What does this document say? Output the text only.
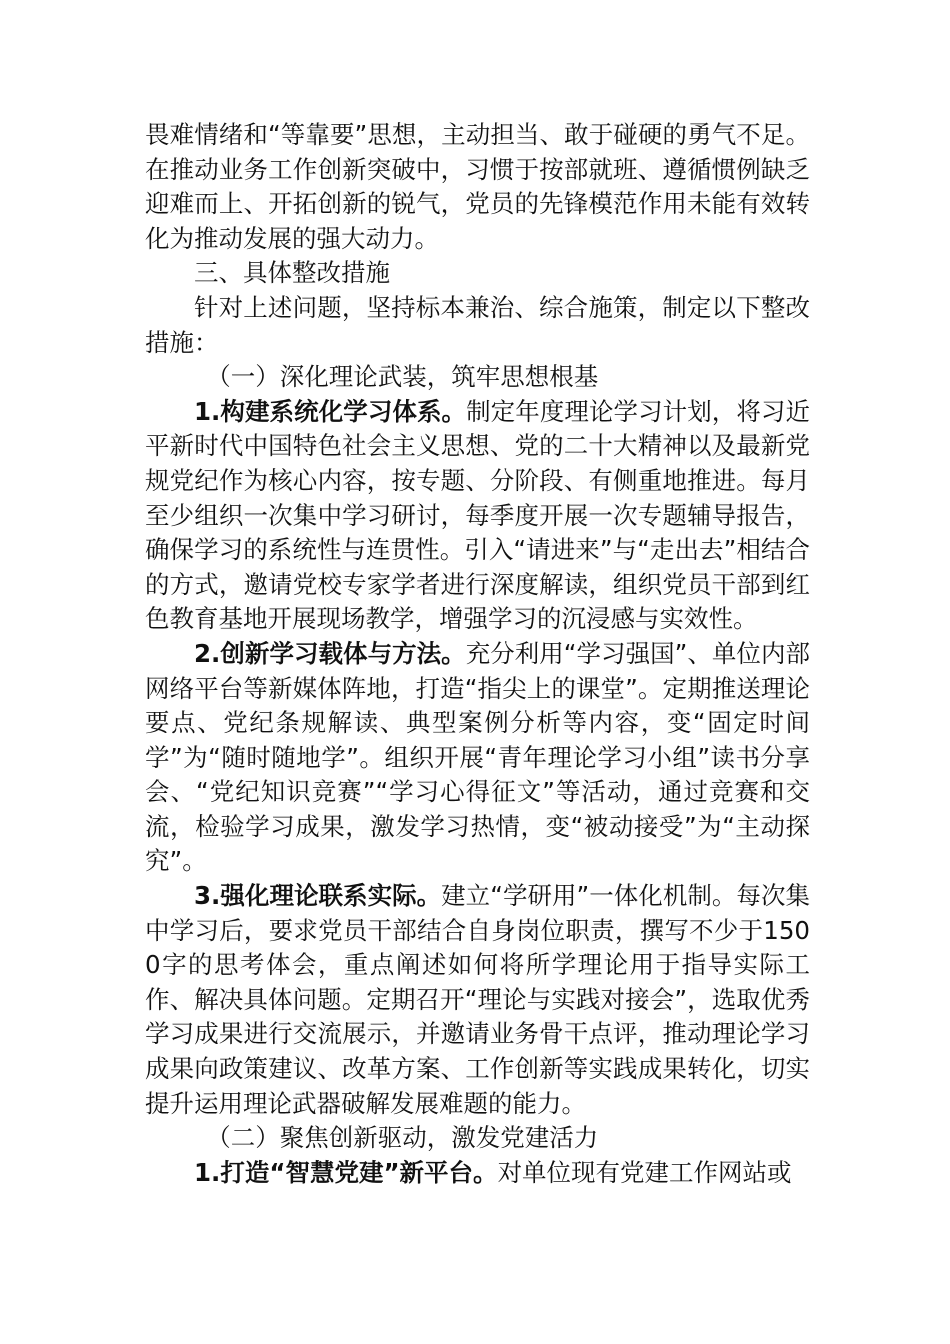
畏难情绪和“等靠要”思想，主动担当、敢于碰硬的勇气不足。在推动业务工作创新突破中，习惯于按部就班、遵循惯例缺乏迎难而上、开拓创新的锐气，党员的先锋模范作用未能有效转化为推动发展的强大动力。

三、具体整改措施

针对上述问题，坚持标本兼治、综合施策，制定以下整改措施：

（一）深化理论武装，筑牢思想根基

1.构建系统化学习体系。制定年度理论学习计划，将习近平新时代中国特色社会主义思想、党的二十大精神以及最新党规党纪作为核心内容，按专题、分阶段、有侧重地推进。每月至少组织一次集中学习研讨，每季度开展一次专题辅导报告，确保学习的系统性与连贯性。引入“请进来”与“走出去”相结合的方式，邀请党校专家学者进行深度解读，组织党员干部到红色教育基地开展现场教学，增强学习的沉浸感与实效性。

2.创新学习载体与方法。充分利用“学习强国”、单位内部网络平台等新媒体阵地，打造“指尖上的课堂”。定期推送理论要点、党纪条规解读、典型案例分析等内容，变“固定时间学”为“随时随地学”。组织开展“青年理论学习小组”读书分享会、“党纪知识竞赛”“学习心得征文”等活动，通过竞赛和交流，检验学习成果，激发学习热情，变“被动接受”为“主动探究”。

3.强化理论联系实际。建立“学研用”一体化机制。每次集中学习后，要求党员干部结合自身岗位职责，撰写不少于1500字的思考体会，重点阐述如何将所学理论用于指导实际工作、解决具体问题。定期召开“理论与实践对接会”，选取优秀学习成果进行交流展示，并邀请业务骨干点评，推动理论学习成果向政策建议、改革方案、工作创新等实践成果转化，切实提升运用理论武器破解发展难题的能力。

（二）聚焦创新驱动，激发党建活力

1.打造“智慧党建”新平台。对单位现有党建工作网站或
